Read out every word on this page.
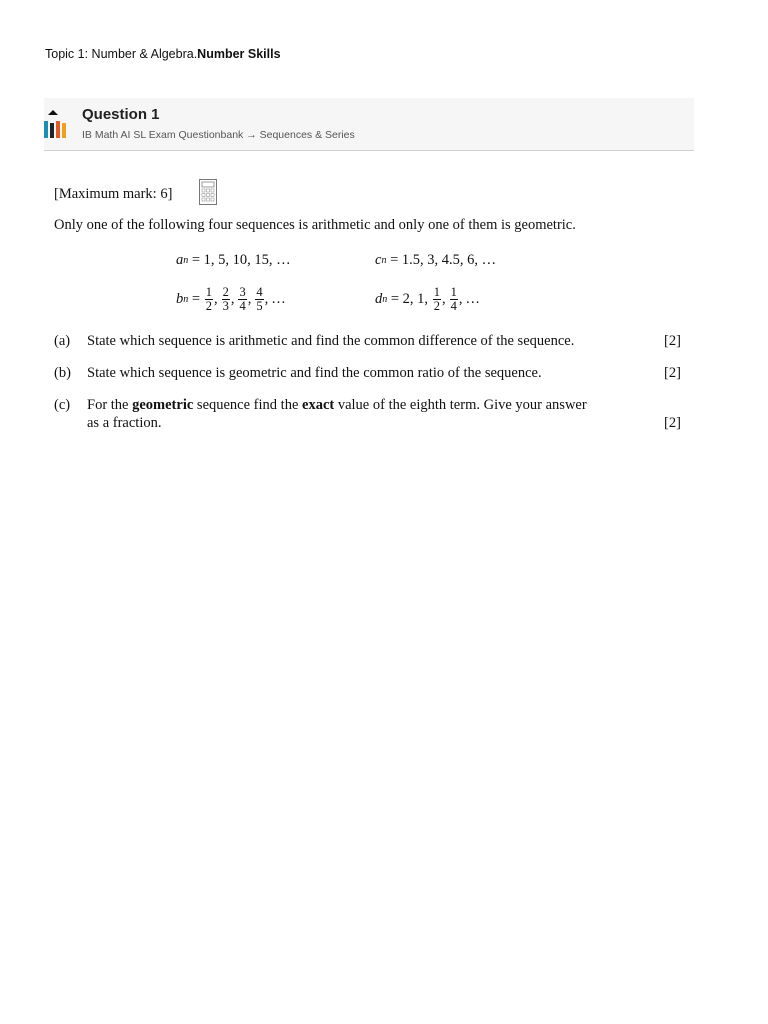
Topic 1: Number & Algebra.Number Skills
Question 1
IB Math AI SL Exam Questionbank → Sequences & Series
[Maximum mark: 6]
Only one of the following four sequences is arithmetic and only one of them is geometric.
a n
= 1, 5, 10, 15, …	c n
= 1.5, 3, 4.5, 6, …
b n
=
$\frac{1}{2}$ , $\frac{2}{3}$ , $\frac{3}{4}$ , $\frac{4}{5}$ , …	d n
= 2, 1,
$\frac{1}{2}$ , $\frac{1}{4}$ , …
(a) State which sequence is arithmetic and find the common difference of the sequence.	[2]
(b) State which sequence is geometric and find the common ratio of the sequence.	[2]
(c) For the geometric sequence find the exact value of the eighth term. Give your answer
as a fraction.	[2]
